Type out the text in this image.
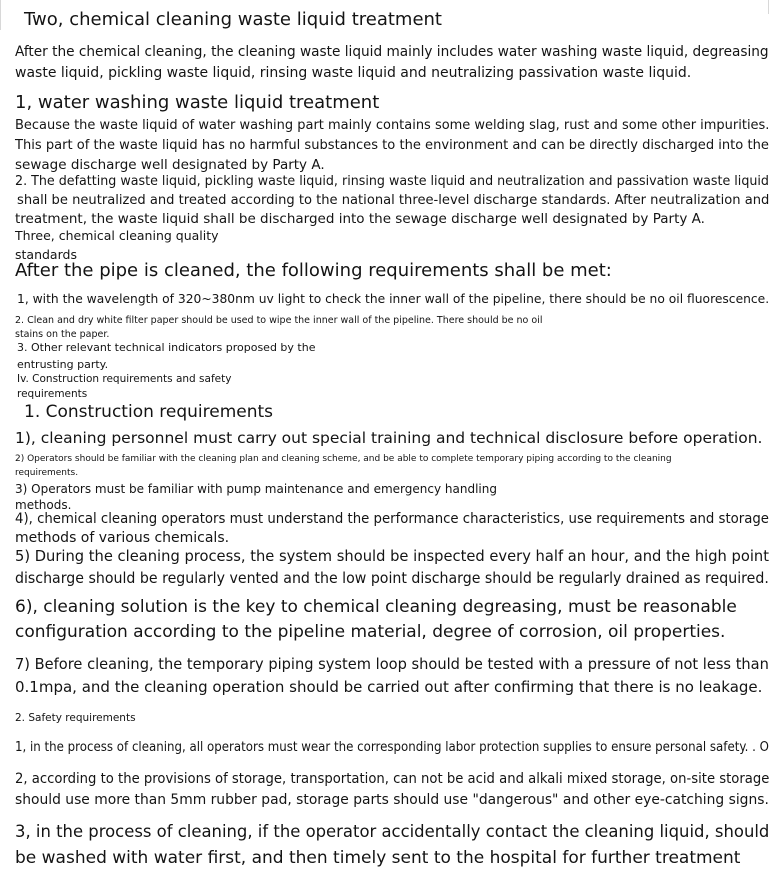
Two, chemical cleaning waste liquid treatment
After the chemical cleaning, the cleaning waste liquid mainly includes water washing waste liquid, degreasing
waste liquid, pickling waste liquid, rinsing waste liquid and neutralizing passivation waste liquid.
1, water washing waste liquid treatment
Because the waste liquid of water washing part mainly contains some welding slag, rust and some other impurities.
This part of the waste liquid has no harmful substances to the environment and can be directly discharged into the
sewage discharge well designated by Party A.
2. The defatting waste liquid, pickling waste liquid, rinsing waste liquid and neutralization and passivation waste liquid
shall be neutralized and treated according to the national three-level discharge standards. After neutralization and
treatment, the waste liquid shall be discharged into the sewage discharge well designated by Party A.
Three, chemical cleaning quality
standards
After the pipe is cleaned, the following requirements shall be met:
1, with the wavelength of 320~380nm uv light to check the inner wall of the pipeline, there should be no oil fluorescence.
2. Clean and dry white filter paper should be used to wipe the inner wall of the pipeline. There should be no oil
stains on the paper.
3. Other relevant technical indicators proposed by the
entrusting party.
Iv. Construction requirements and safety
requirements
1. Construction requirements
1), cleaning personnel must carry out special training and technical disclosure before operation.
2) Operators should be familiar with the cleaning plan and cleaning scheme, and be able to complete temporary piping according to the cleaning
requirements.
3) Operators must be familiar with pump maintenance and emergency handling
methods.
4), chemical cleaning operators must understand the performance characteristics, use requirements and storage
methods of various chemicals.
5) During the cleaning process, the system should be inspected every half an hour, and the high point
discharge should be regularly vented and the low point discharge should be regularly drained as required.
6), cleaning solution is the key to chemical cleaning degreasing, must be reasonable
configuration according to the pipeline material, degree of corrosion, oil properties.
7) Before cleaning, the temporary piping system loop should be tested with a pressure of not less than
0.1mpa, and the cleaning operation should be carried out after confirming that there is no leakage.
2. Safety requirements
1, in the process of cleaning, all operators must wear the corresponding labor protection supplies to ensure personal safety. . O
2, according to the provisions of storage, transportation, can not be acid and alkali mixed storage, on-site storage
should use more than 5mm rubber pad, storage parts should use "dangerous" and other eye-catching signs.
3, in the process of cleaning, if the operator accidentally contact the cleaning liquid, should
be washed with water first, and then timely sent to the hospital for further treatment
